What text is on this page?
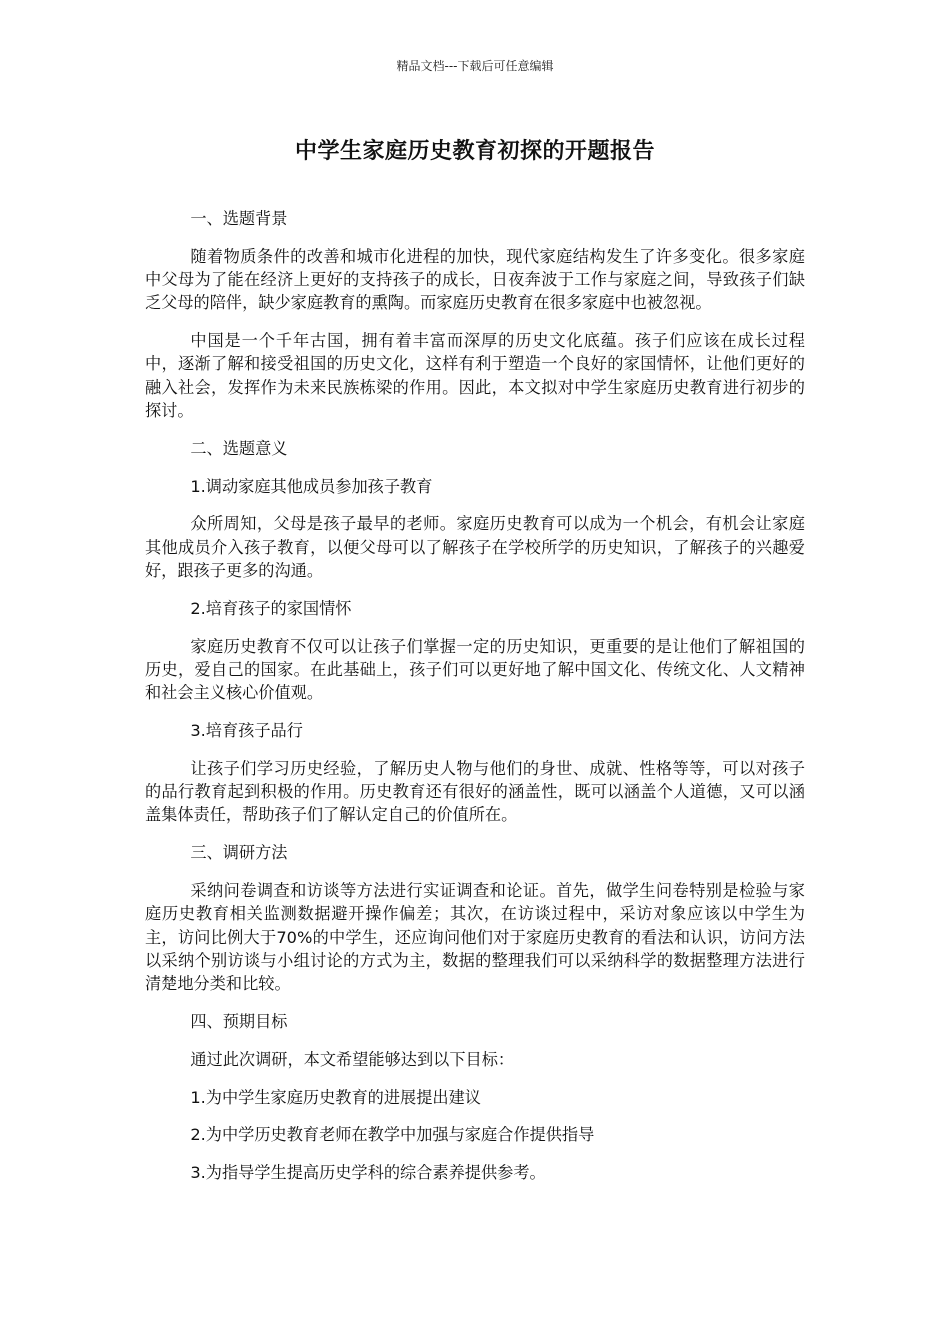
精品文档---下载后可任意编辑
中学生家庭历史教育初探的开题报告

一、选题背景

随着物质条件的改善和城市化进程的加快，现代家庭结构发生了许多变化。很多家庭中父母为了能在经济上更好的支持孩子的成长，日夜奔波于工作与家庭之间，导致孩子们缺乏父母的陪伴，缺少家庭教育的熏陶。而家庭历史教育在很多家庭中也被忽视。

中国是一个千年古国，拥有着丰富而深厚的历史文化底蕴。孩子们应该在成长过程中，逐渐了解和接受祖国的历史文化，这样有利于塑造一个良好的家国情怀，让他们更好的融入社会，发挥作为未来民族栋梁的作用。因此，本文拟对中学生家庭历史教育进行初步的探讨。

二、选题意义

1.调动家庭其他成员参加孩子教育

众所周知，父母是孩子最早的老师。家庭历史教育可以成为一个机会，有机会让家庭其他成员介入孩子教育，以便父母可以了解孩子在学校所学的历史知识，了解孩子的兴趣爱好，跟孩子更多的沟通。

2.培育孩子的家国情怀

家庭历史教育不仅可以让孩子们掌握一定的历史知识，更重要的是让他们了解祖国的历史，爱自己的国家。在此基础上，孩子们可以更好地了解中国文化、传统文化、人文精神和社会主义核心价值观。

3.培育孩子品行

让孩子们学习历史经验，了解历史人物与他们的身世、成就、性格等等，可以对孩子的品行教育起到积极的作用。历史教育还有很好的涵盖性，既可以涵盖个人道德，又可以涵盖集体责任，帮助孩子们了解认定自己的价值所在。

三、调研方法

采纳问卷调查和访谈等方法进行实证调查和论证。首先，做学生问卷特别是检验与家庭历史教育相关监测数据避开操作偏差；其次，在访谈过程中，采访对象应该以中学生为主，访问比例大于70%的中学生，还应询问他们对于家庭历史教育的看法和认识，访问方法以采纳个别访谈与小组讨论的方式为主，数据的整理我们可以采纳科学的数据整理方法进行清楚地分类和比较。

四、预期目标

通过此次调研，本文希望能够达到以下目标：

1.为中学生家庭历史教育的进展提出建议

2.为中学历史教育老师在教学中加强与家庭合作提供指导

3.为指导学生提高历史学科的综合素养提供参考。
